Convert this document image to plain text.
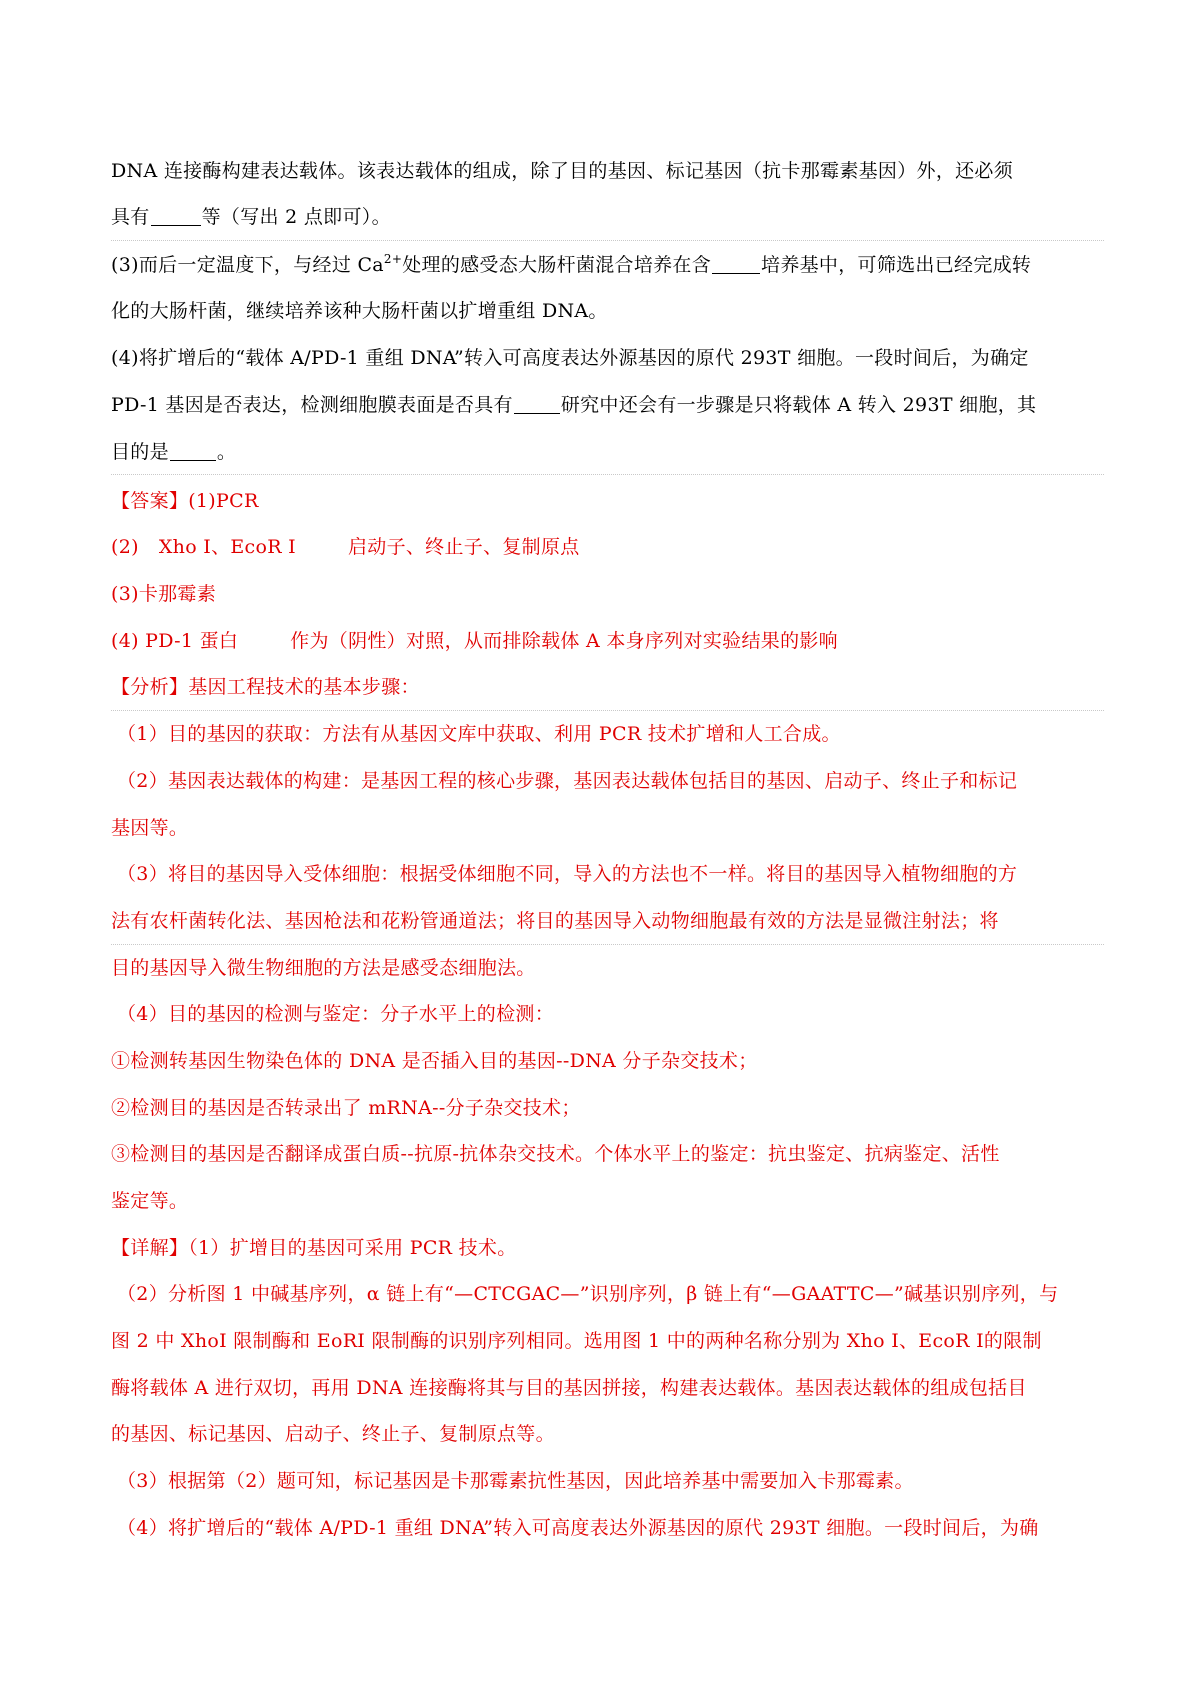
DNA 连接酶构建表达载体。该表达载体的组成，除了目的基因、标记基因（抗卡那霉素基因）外，还必须
具有	等（写出 2 点即可）。
(3)而后一定温度下，与经过 $Ca^{2+}$处理的感受态大肠杆菌混合培养在含	培养基中，可筛选出已经完成转
化的大肠杆菌，继续培养该种大肠杆菌以扩增重组 DNA。
(4)将扩增后的“载体 A/PD-1 重组 DNA”转入可高度表达外源基因的原代 293T 细胞。一段时间后，为确定
PD-1 基因是否表达，检测细胞膜表面是否具有	研究中还会有一步骤是只将载体 A 转入 293T 细胞，其
目的是	。
【答案】(1)PCR
(2) Xho I、EcoR I	启动子、终止子、复制原点
(3)卡那霉素
(4) PD-1 蛋白	作为（阴性）对照，从而排除载体 A 本身序列对实验结果的影响
【分析】基因工程技术的基本步骤：
（1）目的基因的获取：方法有从基因文库中获取、利用 PCR 技术扩增和人工合成。
（2）基因表达载体的构建：是基因工程的核心步骤，基因表达载体包括目的基因、启动子、终止子和标记
基因等。
（3）将目的基因导入受体细胞：根据受体细胞不同，导入的方法也不一样。将目的基因导入植物细胞的方
法有农杆菌转化法、基因枪法和花粉管通道法；将目的基因导入动物细胞最有效的方法是显微注射法；将
目的基因导入微生物细胞的方法是感受态细胞法。
（4）目的基因的检测与鉴定：分子水平上的检测：
①检测转基因生物染色体的 DNA 是否插入目的基因--DNA 分子杂交技术；
②检测目的基因是否转录出了 mRNA--分子杂交技术；
③检测目的基因是否翻译成蛋白质--抗原-抗体杂交技术。个体水平上的鉴定：抗虫鉴定、抗病鉴定、活性
鉴定等。
【详解】（1）扩增目的基因可采用 PCR 技术。
（2）分析图 1 中碱基序列，α 链上有“—CTCGAC—”识别序列，β 链上有“—GAATTC—”碱基识别序列，与
图 2 中 XhoI 限制酶和 EoRI 限制酶的识别序列相同。选用图 1 中的两种名称分别为 Xho Ⅰ、EcoR Ⅰ的限制
酶将载体 A 进行双切，再用 DNA 连接酶将其与目的基因拼接，构建表达载体。基因表达载体的组成包括目
的基因、标记基因、启动子、终止子、复制原点等。
（3）根据第（2）题可知，标记基因是卡那霉素抗性基因，因此培养基中需要加入卡那霉素。
（4）将扩增后的“载体 A/PD-1 重组 DNA”转入可高度表达外源基因的原代 293T 细胞。一段时间后，为确
